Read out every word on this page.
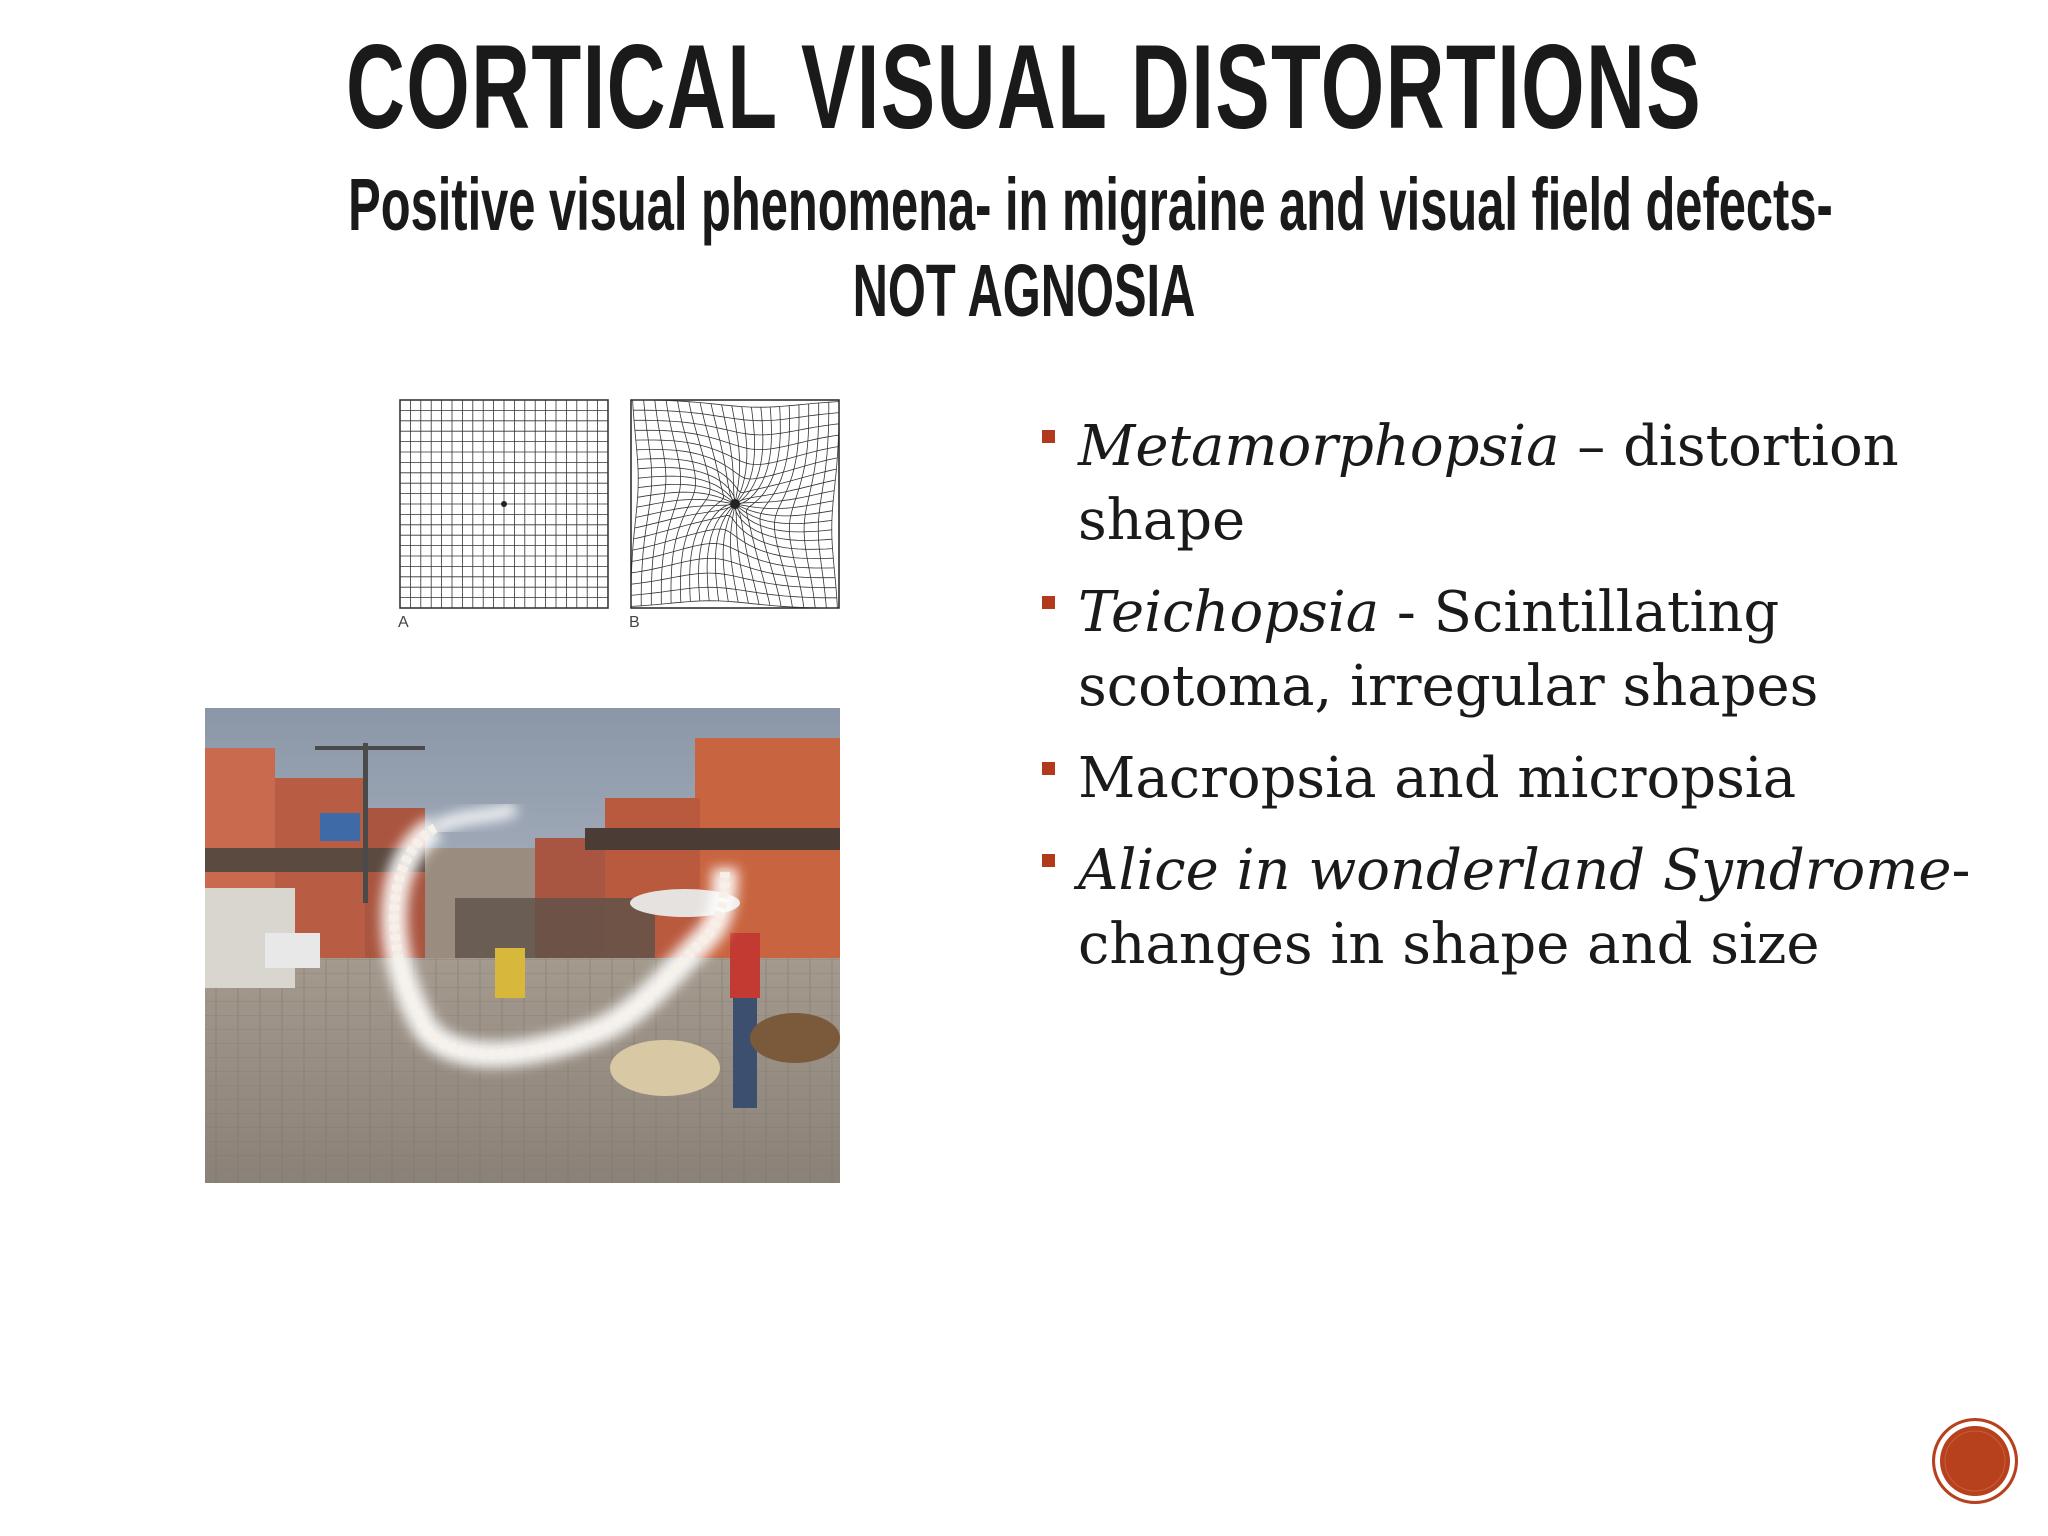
CORTICAL VISUAL DISTORTIONS
Positive visual phenomena- in migraine and visual field defects-
NOT AGNOSIA
A	B
Metamorphopsia – distortion shape
Teichopsia - Scintillating scotoma, irregular shapes
Macropsia and micropsia
Alice in wonderland Syndrome- changes in shape and size
